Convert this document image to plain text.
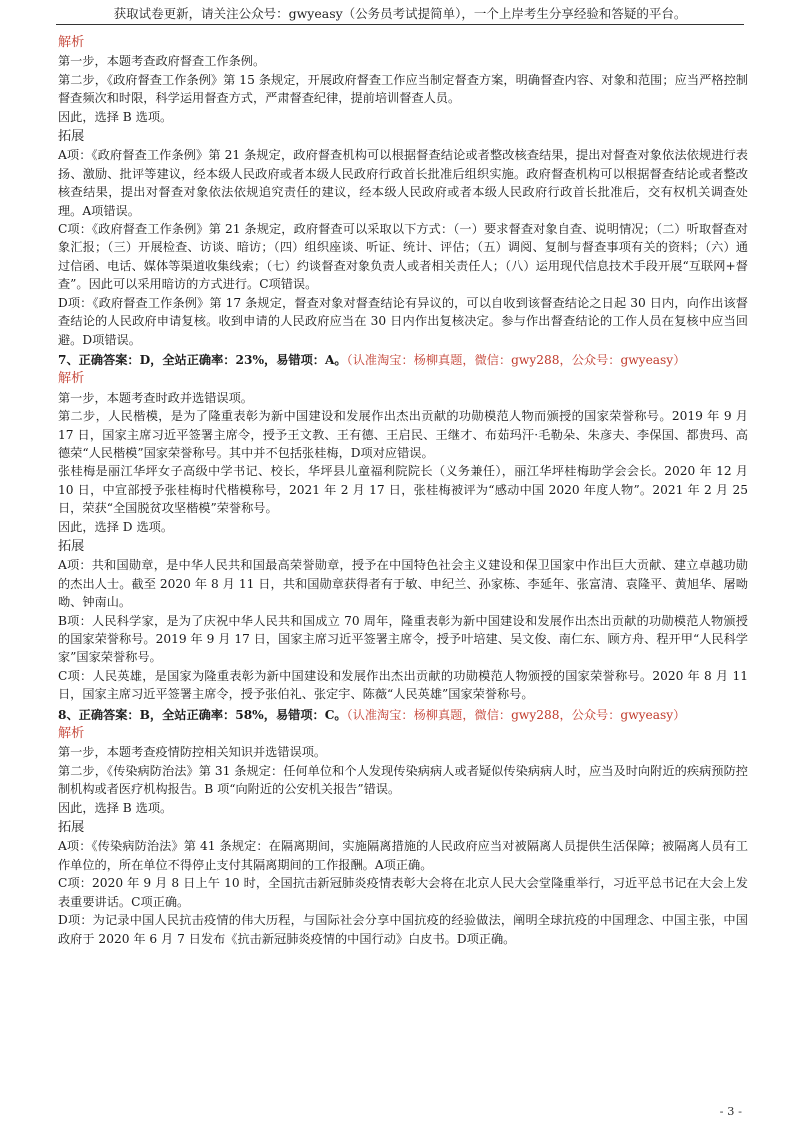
获取试卷更新，请关注公众号：gwyeasy（公务员考试提简单），一个上岸考生分享经验和答疑的平台。

解析

第一步，本题考查政府督查工作条例。

第二步，《政府督查工作条例》第 15 条规定，开展政府督查工作应当制定督查方案，明确督查内容、对象和范围；应当严格控制督查频次和时限，科学运用督查方式，严肃督查纪律，提前培训督查人员。

因此，选择 B 选项。

拓展

A项：《政府督查工作条例》第 21 条规定，政府督查机构可以根据督查结论或者整改核查结果，提出对督查对象依法依规进行表扬、激励、批评等建议，经本级人民政府或者本级人民政府行政首长批准后组织实施。政府督查机构可以根据督查结论或者整改核查结果，提出对督查对象依法依规追究责任的建议，经本级人民政府或者本级人民政府行政首长批准后，交有权机关调查处理。A项错误。

C项：《政府督查工作条例》第 21 条规定，政府督查可以采取以下方式：（一）要求督查对象自查、说明情况；（二）听取督查对象汇报；（三）开展检查、访谈、暗访；（四）组织座谈、听证、统计、评估；（五）调阅、复制与督查事项有关的资料；（六）通过信函、电话、媒体等渠道收集线索；（七）约谈督查对象负责人或者相关责任人；（八）运用现代信息技术手段开展“互联网+督查”。因此可以采用暗访的方式进行。C项错误。

D项：《政府督查工作条例》第 17 条规定，督查对象对督查结论有异议的，可以自收到该督查结论之日起 30 日内，向作出该督查结论的人民政府申请复核。收到申请的人民政府应当在 30 日内作出复核决定。参与作出督查结论的工作人员在复核中应当回避。D项错误。

7、正确答案：D，全站正确率：23%，易错项：A。（认准淘宝：杨柳真题，微信：gwy288，公众号：gwyeasy）

解析

第一步，本题考查时政并选错误项。

第二步，人民楷模，是为了隆重表彰为新中国建设和发展作出杰出贡献的功勋模范人物而颁授的国家荣誉称号。2019 年 9 月 17 日，国家主席习近平签署主席令，授予王文教、王有德、王启民、王继才、布茹玛汗·毛勒朵、朱彦夫、李保国、都贵玛、高德荣“人民楷模”国家荣誉称号。其中并不包括张桂梅，D项对应错误。

张桂梅是丽江华坪女子高级中学书记、校长，华坪县儿童福利院院长（义务兼任），丽江华坪桂梅助学会会长。2020 年 12 月 10 日，中宣部授予张桂梅时代楷模称号，2021 年 2 月 17 日，张桂梅被评为“感动中国 2020 年度人物”。2021 年 2 月 25 日，荣获“全国脱贫攻坚楷模”荣誉称号。

因此，选择 D 选项。

拓展

A项：共和国勋章，是中华人民共和国最高荣誉勋章，授予在中国特色社会主义建设和保卫国家中作出巨大贡献、建立卓越功勋的杰出人士。截至 2020 年 8 月 11 日，共和国勋章获得者有于敏、申纪兰、孙家栋、李延年、张富清、袁隆平、黄旭华、屠呦呦、钟南山。

B项：人民科学家，是为了庆祝中华人民共和国成立 70 周年，隆重表彰为新中国建设和发展作出杰出贡献的功勋模范人物颁授的国家荣誉称号。2019 年 9 月 17 日，国家主席习近平签署主席令，授予叶培建、吴文俊、南仁东、顾方舟、程开甲“人民科学家”国家荣誉称号。

C项：人民英雄，是国家为隆重表彰为新中国建设和发展作出杰出贡献的功勋模范人物颁授的国家荣誉称号。2020 年 8 月 11 日，国家主席习近平签署主席令，授予张伯礼、张定宇、陈薇“人民英雄”国家荣誉称号。

8、正确答案：B，全站正确率：58%，易错项：C。（认准淘宝：杨柳真题，微信：gwy288，公众号：gwyeasy）

解析

第一步，本题考查疫情防控相关知识并选错误项。

第二步，《传染病防治法》第 31 条规定：任何单位和个人发现传染病病人或者疑似传染病病人时，应当及时向附近的疾病预防控制机构或者医疗机构报告。B 项“向附近的公安机关报告”错误。

因此，选择 B 选项。

拓展

A项：《传染病防治法》第 41 条规定：在隔离期间，实施隔离措施的人民政府应当对被隔离人员提供生活保障；被隔离人员有工作单位的，所在单位不得停止支付其隔离期间的工作报酬。A项正确。

C项：2020 年 9 月 8 日上午 10 时，全国抗击新冠肺炎疫情表彰大会将在北京人民大会堂隆重举行，习近平总书记在大会上发表重要讲话。C项正确。

D项：为记录中国人民抗击疫情的伟大历程，与国际社会分享中国抗疫的经验做法，阐明全球抗疫的中国理念、中国主张，中国政府于 2020 年 6 月 7 日发布《抗击新冠肺炎疫情的中国行动》白皮书。D项正确。

- 3 -
